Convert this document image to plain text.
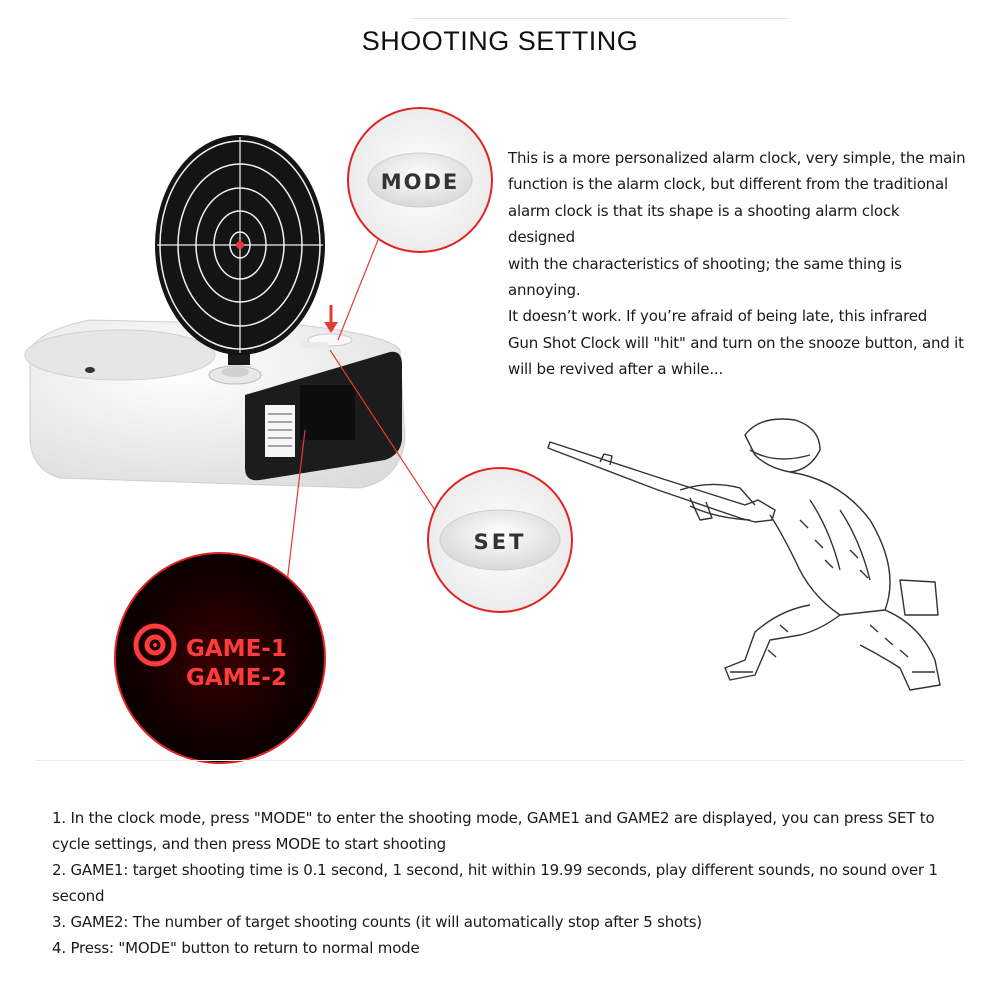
SHOOTING SETTING
MODE
SET
GAME-1
GAME-2
This is a more personalized alarm clock, very simple, the main
function is the alarm clock, but different from the traditional
alarm clock is that its shape is a shooting alarm clock designed
with the characteristics of shooting; the same thing is annoying.
It doesn’t work. If you’re afraid of being late, this infrared
Gun Shot Clock will "hit" and turn on the snooze button, and it
will be revived after a while...

1. In the clock mode, press "MODE" to enter the shooting mode, GAME1 and GAME2 are displayed, you can press SET to

cycle settings, and then press MODE to start shooting

2. GAME1: target shooting time is 0.1 second, 1 second, hit within 19.99 seconds, play different sounds, no sound over 1

second

3. GAME2: The number of target shooting counts (it will automatically stop after 5 shots)

4. Press: "MODE" button to return to normal mode
